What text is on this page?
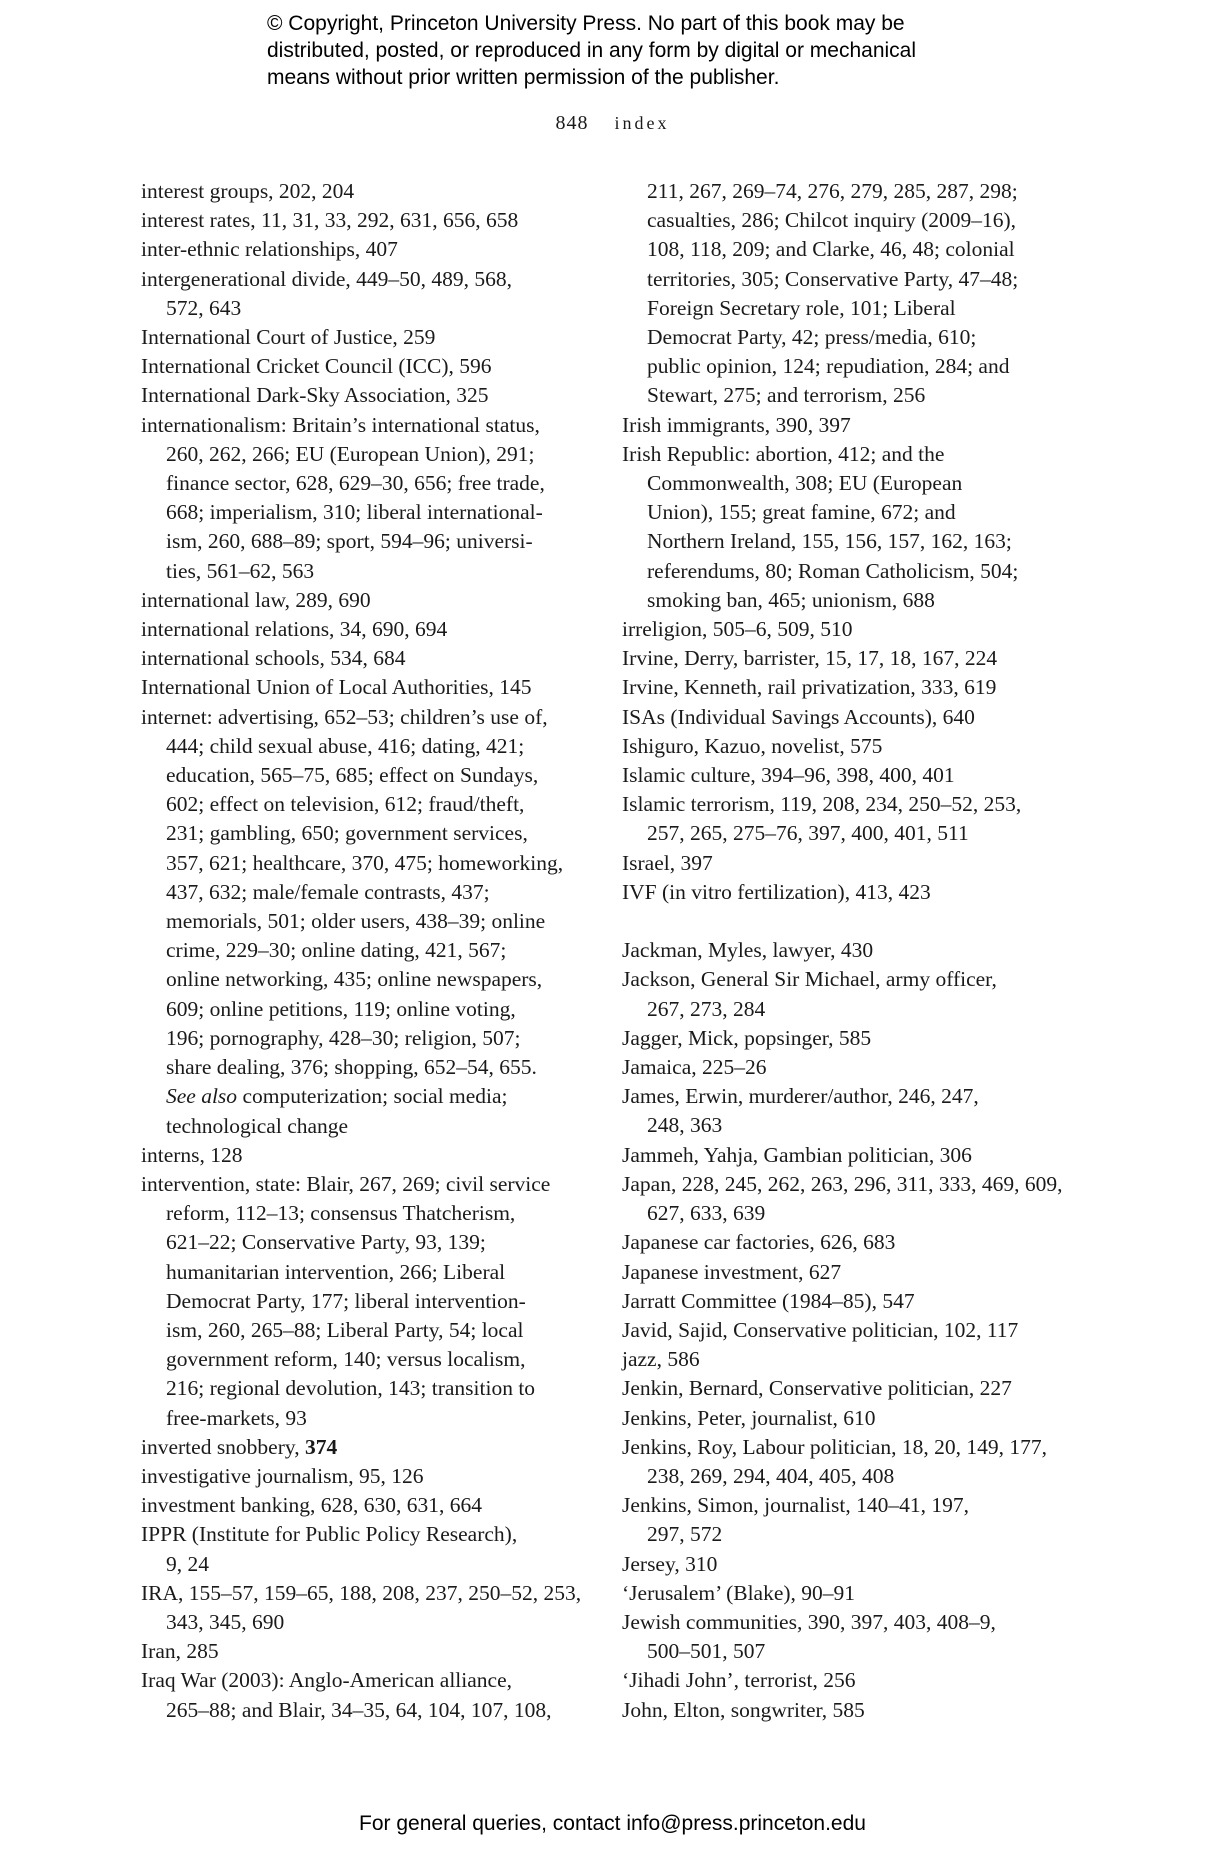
© Copyright, Princeton University Press. No part of this book may be
distributed, posted, or reproduced in any form by digital or mechanical
means without prior written permission of the publisher.
848 index
interest groups, 202, 204
interest rates, 11, 31, 33, 292, 631, 656, 658
inter-ethnic relationships, 407
intergenerational divide, 449–50, 489, 568,
572, 643
International Court of Justice, 259
International Cricket Council (ICC), 596
International Dark-Sky Association, 325
internationalism: Britain’s international status,
260, 262, 266; EU (European Union), 291;
finance sector, 628, 629–30, 656; free trade,
668; imperialism, 310; liberal international-
ism, 260, 688–89; sport, 594–96; universi-
ties, 561–62, 563
international law, 289, 690
international relations, 34, 690, 694
international schools, 534, 684
International Union of Local Authorities, 145
internet: advertising, 652–53; children’s use of,
444; child sexual abuse, 416; dating, 421;
education, 565–75, 685; effect on Sundays,
602; effect on television, 612; fraud/theft,
231; gambling, 650; government services,
357, 621; healthcare, 370, 475; homeworking,
437, 632; male/female contrasts, 437;
memorials, 501; older users, 438–39; online
crime, 229–30; online dating, 421, 567;
online networking, 435; online newspapers,
609; online petitions, 119; online voting,
196; pornography, 428–30; religion, 507;
share dealing, 376; shopping, 652–54, 655.
See also computerization; social media;
technological change
interns, 128
intervention, state: Blair, 267, 269; civil service
reform, 112–13; consensus Thatcherism,
621–22; Conservative Party, 93, 139;
humanitarian intervention, 266; Liberal
Democrat Party, 177; liberal intervention-
ism, 260, 265–88; Liberal Party, 54; local
government reform, 140; versus localism,
216; regional devolution, 143; transition to
free-markets, 93
inverted snobbery, 374
investigative journalism, 95, 126
investment banking, 628, 630, 631, 664
IPPR (Institute for Public Policy Research),
9, 24
IRA, 155–57, 159–65, 188, 208, 237, 250–52, 253,
343, 345, 690
Iran, 285
Iraq War (2003): Anglo-American alliance,
265–88; and Blair, 34–35, 64, 104, 107, 108,
211, 267, 269–74, 276, 279, 285, 287, 298;
casualties, 286; Chilcot inquiry (2009–16),
108, 118, 209; and Clarke, 46, 48; colonial
territories, 305; Conservative Party, 47–48;
Foreign Secretary role, 101; Liberal
Democrat Party, 42; press/media, 610;
public opinion, 124; repudiation, 284; and
Stewart, 275; and terrorism, 256
Irish immigrants, 390, 397
Irish Republic: abortion, 412; and the
Commonwealth, 308; EU (European
Union), 155; great famine, 672; and
Northern Ireland, 155, 156, 157, 162, 163;
referendums, 80; Roman Catholicism, 504;
smoking ban, 465; unionism, 688
irreligion, 505–6, 509, 510
Irvine, Derry, barrister, 15, 17, 18, 167, 224
Irvine, Kenneth, rail privatization, 333, 619
ISAs (Individual Savings Accounts), 640
Ishiguro, Kazuo, novelist, 575
Islamic culture, 394–96, 398, 400, 401
Islamic terrorism, 119, 208, 234, 250–52, 253,
257, 265, 275–76, 397, 400, 401, 511
Israel, 397
IVF (in vitro fertilization), 413, 423
Jackman, Myles, lawyer, 430
Jackson, General Sir Michael, army officer,
267, 273, 284
Jagger, Mick, popsinger, 585
Jamaica, 225–26
James, Erwin, murderer/author, 246, 247,
248, 363
Jammeh, Yahja, Gambian politician, 306
Japan, 228, 245, 262, 263, 296, 311, 333, 469, 609,
627, 633, 639
Japanese car factories, 626, 683
Japanese investment, 627
Jarratt Committee (1984–85), 547
Javid, Sajid, Conservative politician, 102, 117
jazz, 586
Jenkin, Bernard, Conservative politician, 227
Jenkins, Peter, journalist, 610
Jenkins, Roy, Labour politician, 18, 20, 149, 177,
238, 269, 294, 404, 405, 408
Jenkins, Simon, journalist, 140–41, 197,
297, 572
Jersey, 310
‘Jerusalem’ (Blake), 90–91
Jewish communities, 390, 397, 403, 408–9,
500–501, 507
‘Jihadi John’, terrorist, 256
John, Elton, songwriter, 585
For general queries, contact info@press.princeton.edu
